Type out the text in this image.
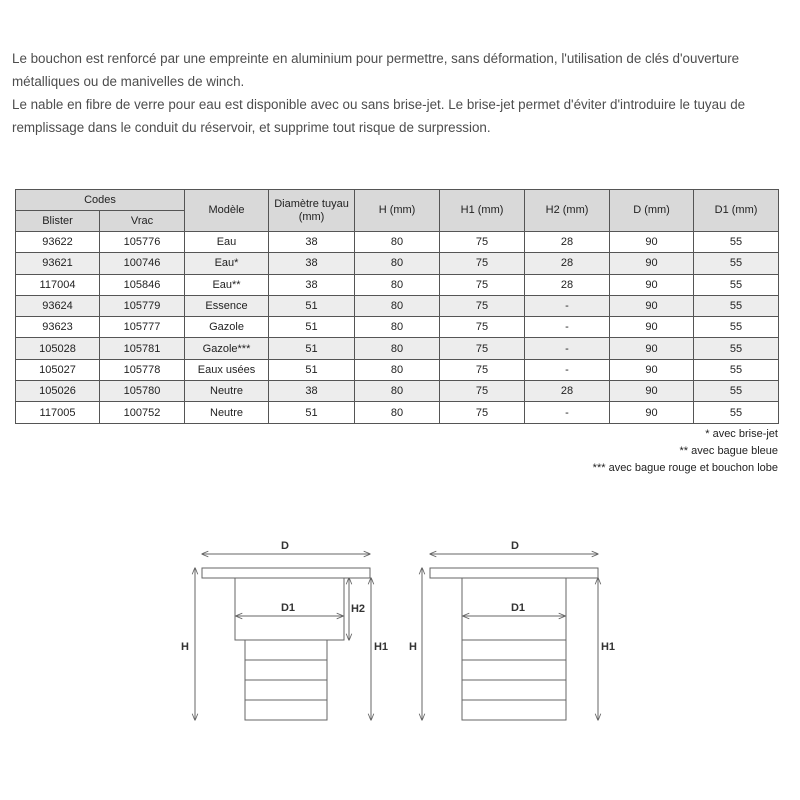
Le bouchon est renforcé par une empreinte en aluminium pour permettre, sans déformation, l'utilisation de clés d'ouverture métalliques ou de manivelles de winch.

Le nable en fibre de verre pour eau est disponible avec ou sans brise-jet. Le brise-jet permet d'éviter d'introduire le tuyau de remplissage dans le conduit du réservoir, et supprime tout risque de surpression.

Codes		Modèle	Diamètre tuyau (mm)	H (mm)	H1 (mm)	H2 (mm)	D (mm)	D1 (mm)
Blister	Vrac							
93622	105776	Eau	38	80	75	28	90	55
93621	100746	Eau*	38	80	75	28	90	55
117004	105846	Eau**	38	80	75	28	90	55
93624	105779	Essence	51	80	75	-	90	55
93623	105777	Gazole	51	80	75	-	90	55
105028	105781	Gazole***	51	80	75	-	90	55
105027	105778	Eaux usées	51	80	75	-	90	55
105026	105780	Neutre	38	80	75	28	90	55
117005	100752	Neutre	51	80	75	-	90	55
* avec brise-jet
** avec bague bleue
*** avec bague rouge et bouchon lobe
D
D1	H2
H	H1
D
D1
H	H1
